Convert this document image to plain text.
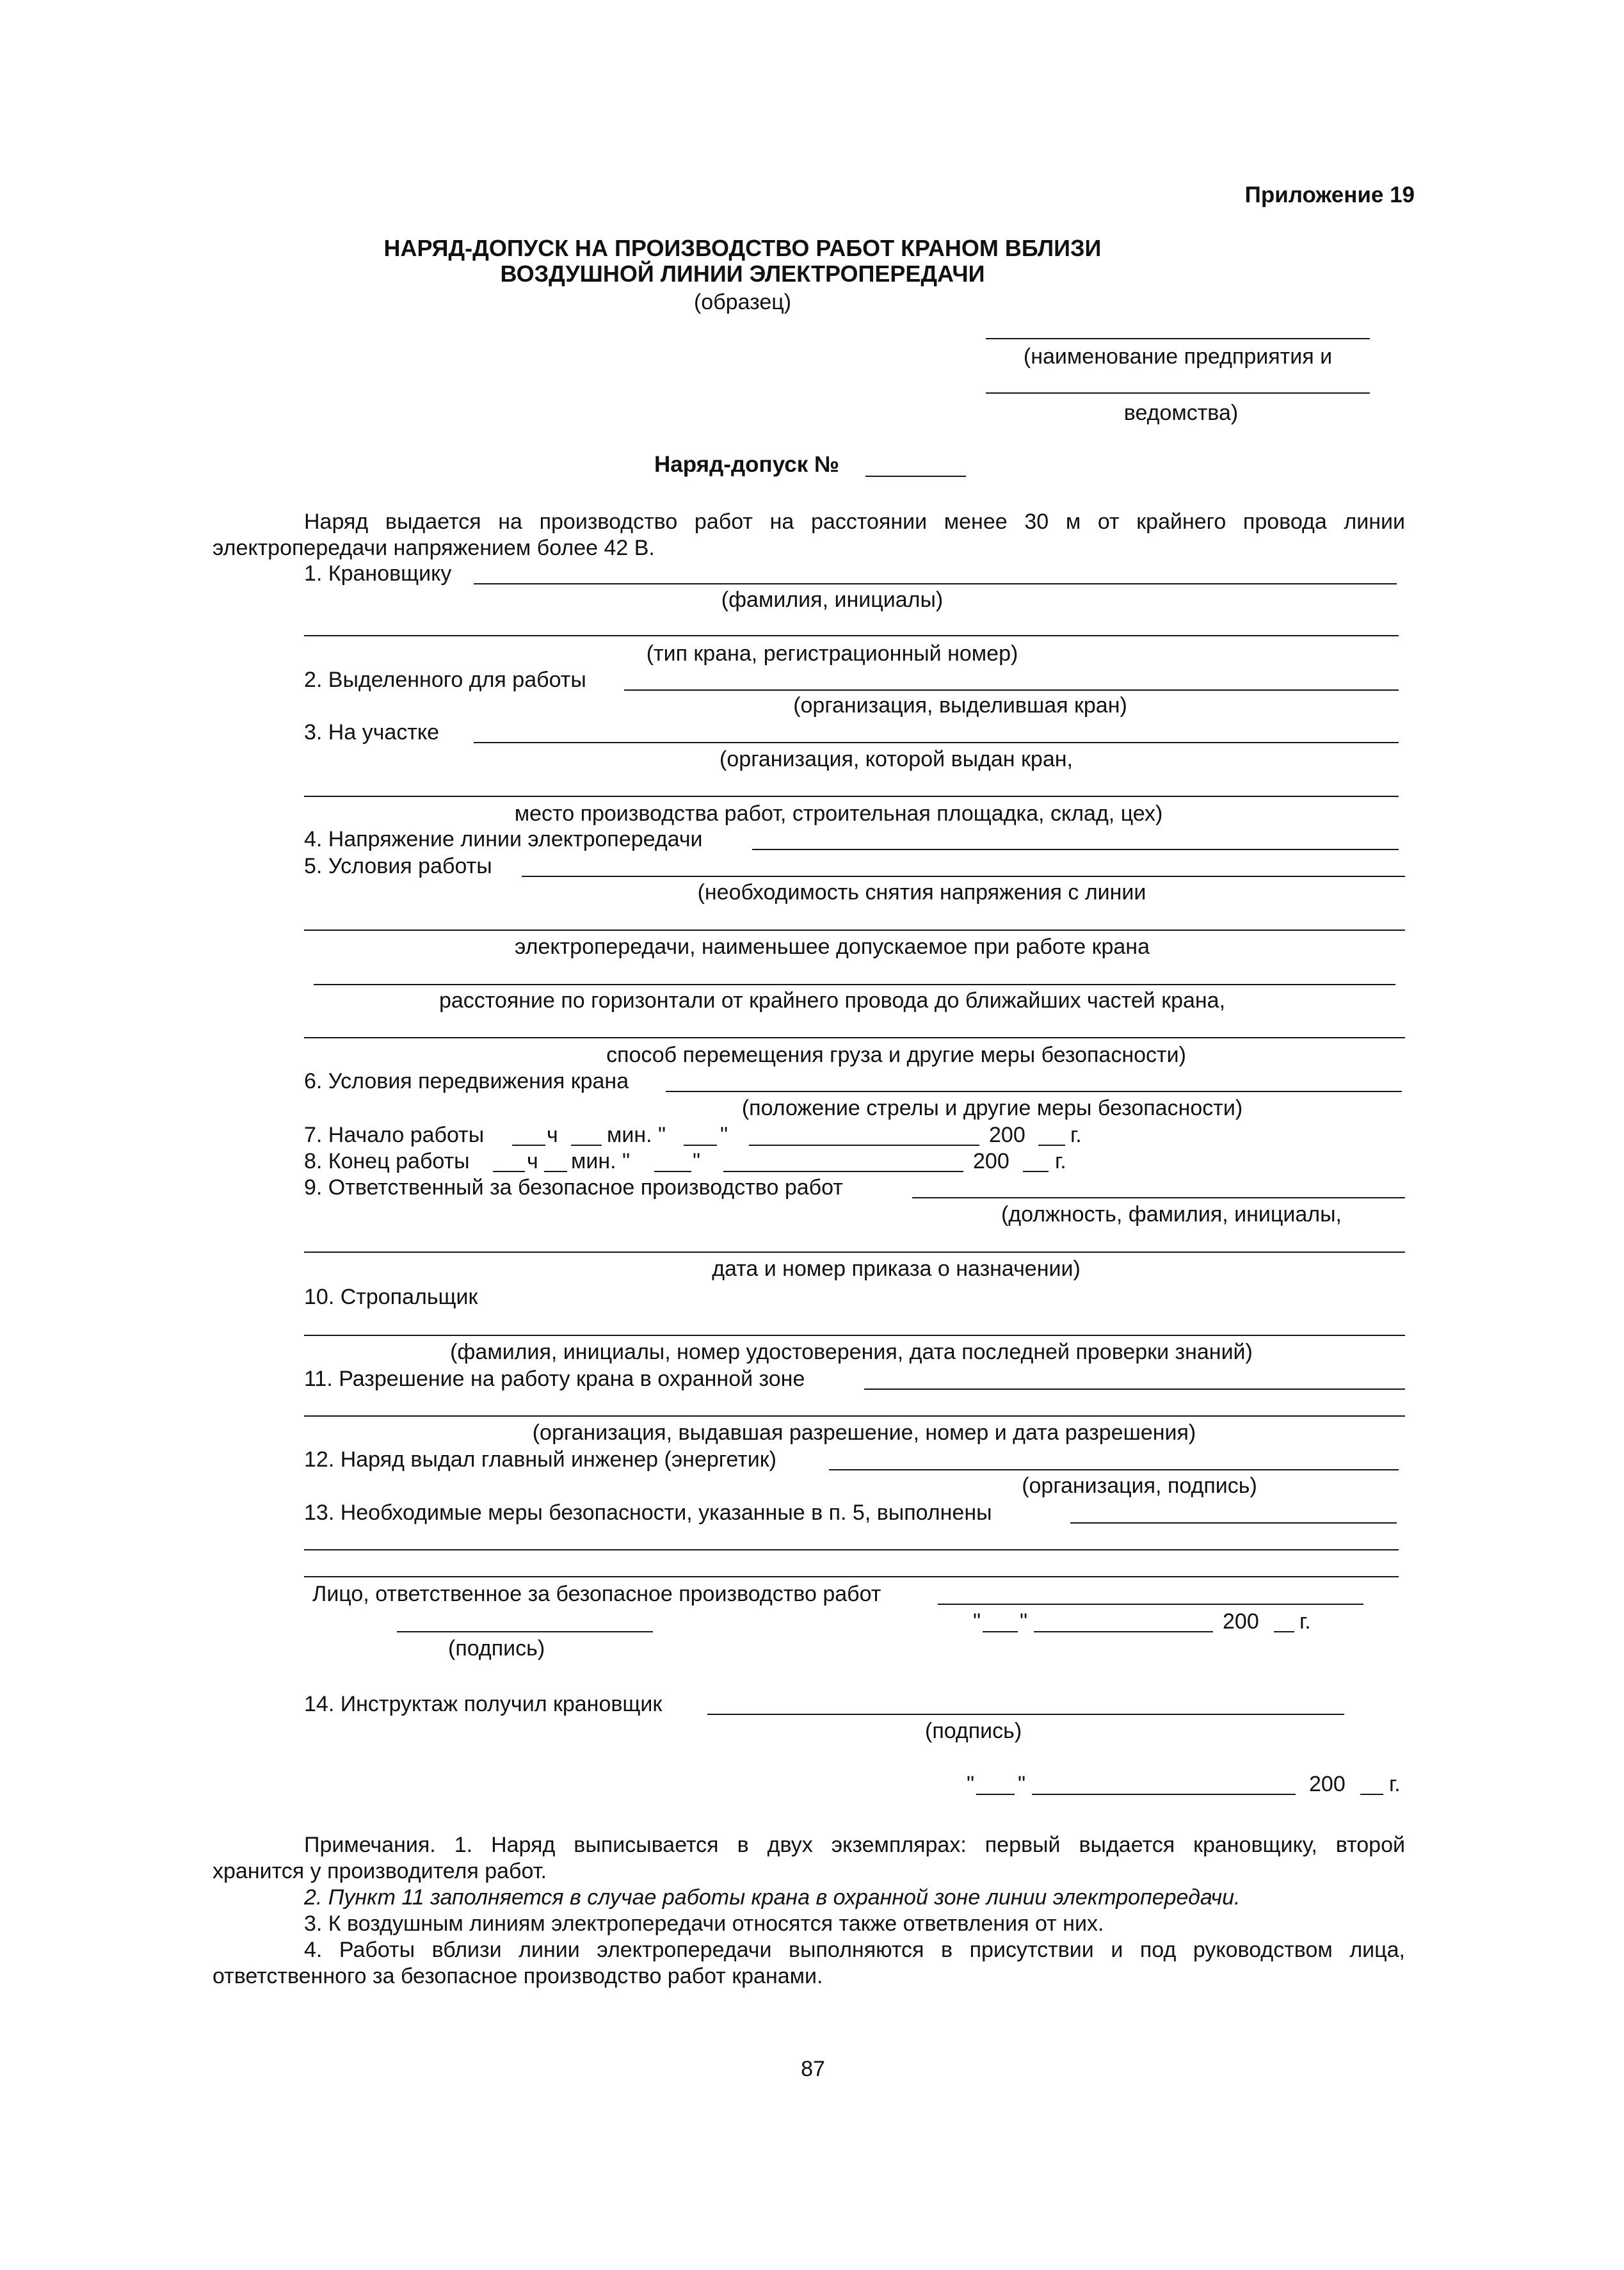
Приложение 19
НАРЯД-ДОПУСК НА ПРОИЗВОДСТВО РАБОТ КРАНОМ ВБЛИЗИ
ВОЗДУШНОЙ ЛИНИИ ЭЛЕКТРОПЕРЕДАЧИ
(образец)
(наименование предприятия и
ведомства)
Наряд-допуск №
Наряд выдается на производство работ на расстоянии менее 30 м от крайнего провода линии
электропередачи напряжением более 42 В.
1. Крановщику
(фамилия, инициалы)
(тип крана, регистрационный номер)
2. Выделенного для работы
(организация, выделившая кран)
3. На участке
(организация, которой выдан кран,
место производства работ, строительная площадка, склад, цех)
4. Напряжение линии электропередачи
5. Условия работы
(необходимость снятия напряжения с линии
электропередачи, наименьшее допускаемое при работе крана
расстояние по горизонтали от крайнего провода до ближайших частей крана,
способ перемещения груза и другие меры безопасности)
6. Условия передвижения крана
(положение стрелы и другие меры безопасности)
7. Начало работы	ч мин. " "	200 г.
8. Конец работы	ч мин. "	"	200 г.
9. Ответственный за безопасное производство работ
(должность, фамилия, инициалы,
дата и номер приказа о назначении)
10. Стропальщик
(фамилия, инициалы, номер удостоверения, дата последней проверки знаний)
11. Разрешение на работу крана в охранной зоне
(организация, выдавшая разрешение, номер и дата разрешения)
12. Наряд выдал главный инженер (энергетик)
(организация, подпись)
13. Необходимые меры безопасности, указанные в п. 5, выполнены
Лицо, ответственное за безопасное производство работ
" "	200 г.
(подпись)
14. Инструктаж получил крановщик
(подпись)
" "	200 г.
Примечания. 1. Наряд выписывается в двух экземплярах: первый выдается крановщику, второй
хранится у производителя работ.
2. Пункт 11 заполняется в случае работы крана в охранной зоне линии электропередачи.
3. К воздушным линиям электропередачи относятся также ответвления от них.
4. Работы вблизи линии электропередачи выполняются в присутствии и под руководством лица,
ответственного за безопасное производство работ кранами.
87
